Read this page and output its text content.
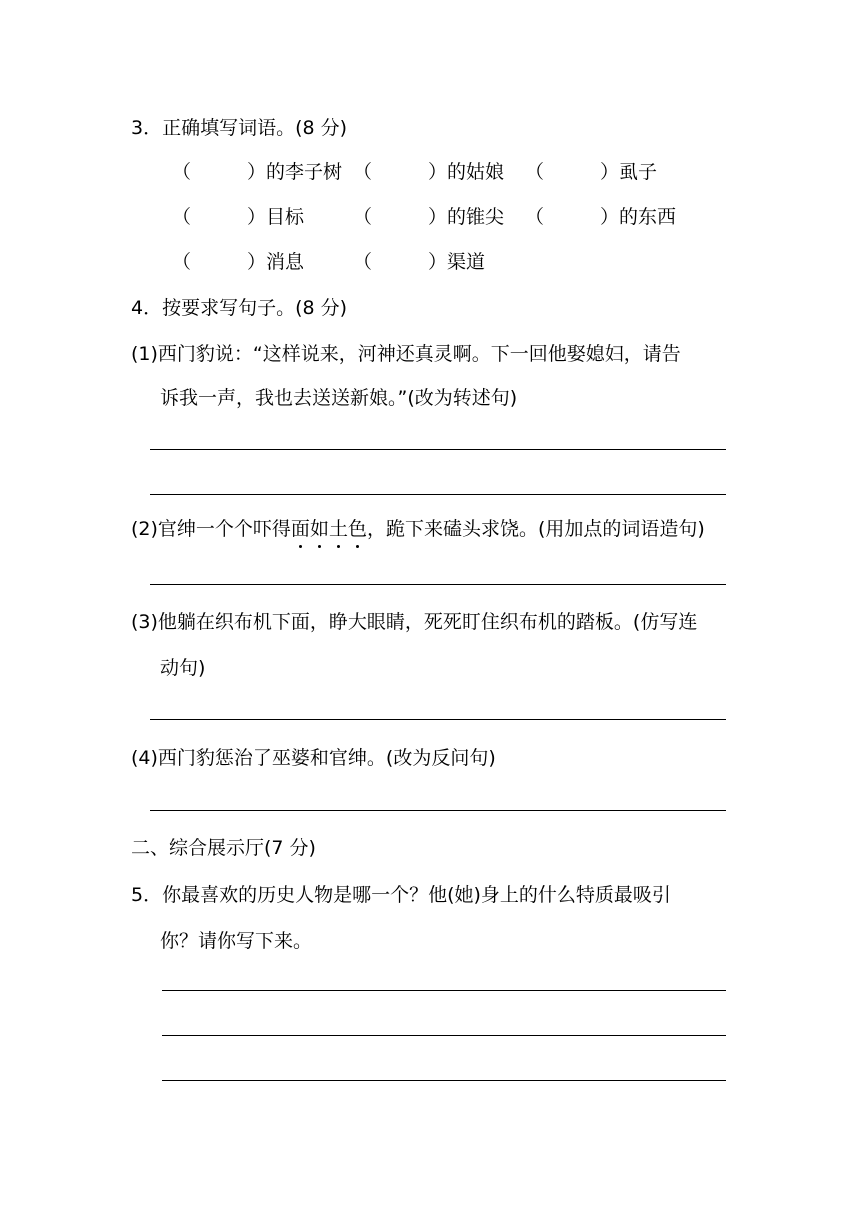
3．正确填写词语。(8 分)
（	）的李子树 （	）的姑娘 （	）虱子
（	）目标	（	）的锥尖 （	）的东西
（	）消息	（	）渠道
4．按要求写句子。(8 分)
(1)西门豹说：“这样说来，河神还真灵啊。下一回他娶媳妇，请告
诉我一声，我也去送送新娘。”(改为转述句)
(2)官绅一个个吓得面如土色，跪下来磕头求饶。(用加点的词语造句)
(3)他躺在织布机下面，睁大眼睛，死死盯住织布机的踏板。(仿写连
动句)
(4)西门豹惩治了巫婆和官绅。(改为反问句)
二、综合展示厅(7 分)
5．你最喜欢的历史人物是哪一个？他(她)身上的什么特质最吸引
你？请你写下来。
